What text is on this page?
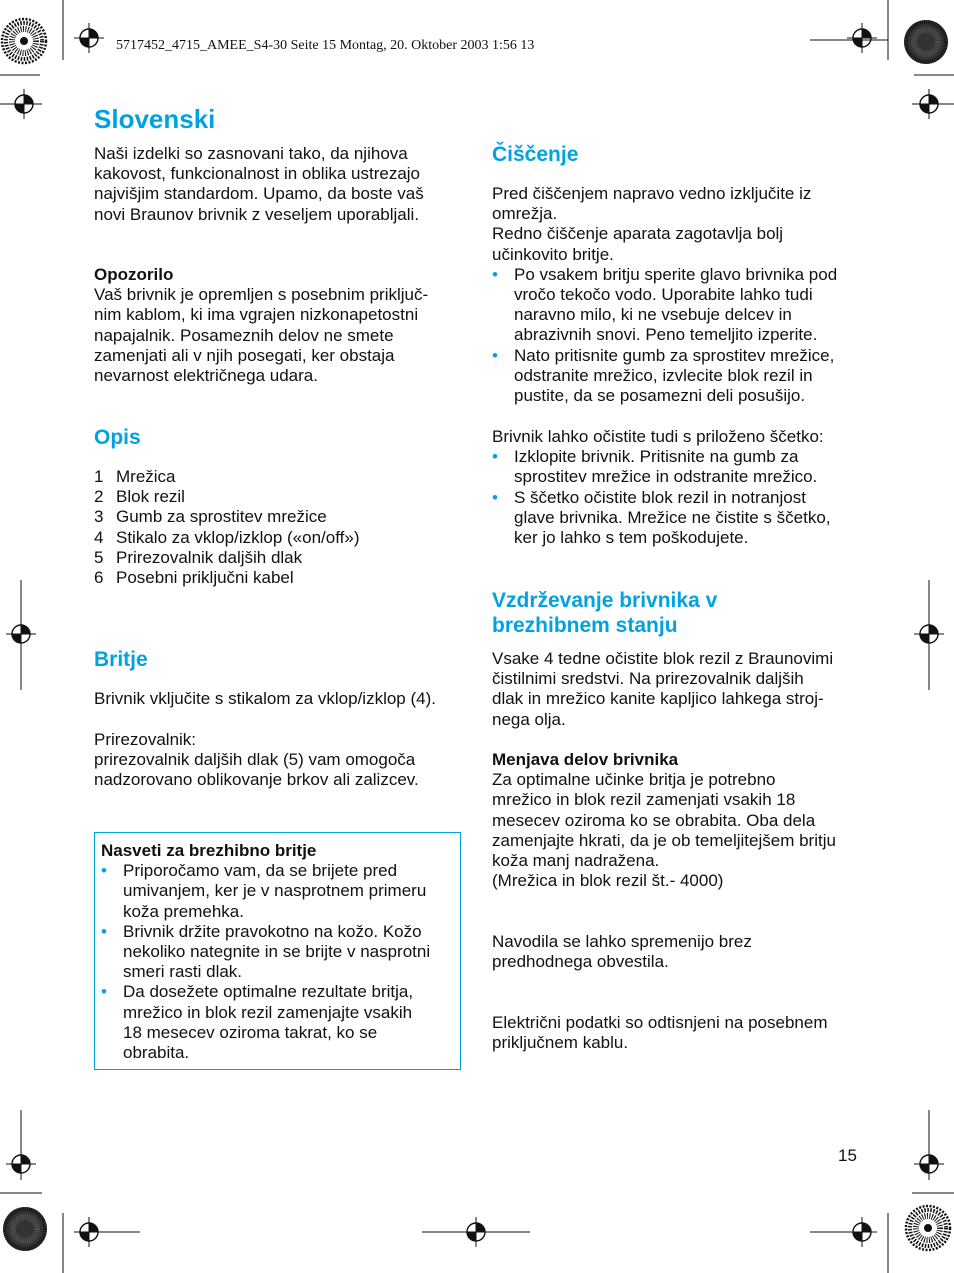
5717452_4715_AMEE_S4-30 Seite 15 Montag, 20. Oktober 2003 1:56 13
Slovenski

Naši izdelki so zasnovani tako, da njihova

kakovost, funkcionalnost in oblika ustrezajo

najvišjim standardom. Upamo, da boste vaš

novi Braunov brivnik z veseljem uporabljali.

Opozorilo

Vaš brivnik je opremljen s posebnim priključ-

nim kablom, ki ima vgrajen nizkonapetostni

napajalnik. Posameznih delov ne smete

zamenjati ali v njih posegati, ker obstaja

nevarnost električnega udara.

Opis
1 Mrežica
2 Blok rezil
3 Gumb za sprostitev mrežice
4 Stikalo za vklop/izklop («on/off»)
5 Prirezovalnik daljših dlak
6 Posebni priključni kabel
Britje

Brivnik vključite s stikalom za vklop/izklop (4).

Prirezovalnik:

prirezovalnik daljših dlak (5) vam omogoča

nadzorovano oblikovanje brkov ali zalizcev.

Nasveti za brezhibno britje

• Priporočamo vam, da se brijete pred
umivanjem, ker je v nasprotnem primeru
koža premehka.
• Brivnik držite pravokotno na kožo. Kožo
nekoliko nategnite in se brijte v nasprotni
smeri rasti dlak.
• Da dosežete optimalne rezultate britja,
mrežico in blok rezil zamenjajte vsakih
18 mesecev oziroma takrat, ko se
obrabita.
Čiščenje

Pred čiščenjem napravo vedno izključite iz

omrežja.

Redno čiščenje aparata zagotavlja bolj

učinkovito britje.

• Po vsakem britju sperite glavo brivnika pod
vročo tekočo vodo. Uporabite lahko tudi
naravno milo, ki ne vsebuje delcev in
abrazivnih snovi. Peno temeljito izperite.
• Nato pritisnite gumb za sprostitev mrežice,
odstranite mrežico, izvlecite blok rezil in
pustite, da se posamezni deli posušijo.

Brivnik lahko očistite tudi s priloženo ščetko:

• Izklopite brivnik. Pritisnite na gumb za
sprostitev mrežice in odstranite mrežico.
• S ščetko očistite blok rezil in notranjost
glave brivnika. Mrežice ne čistite s ščetko,
ker jo lahko s tem poškodujete.

Vzdrževanje brivnika v

brezhibnem stanju

Vsake 4 tedne očistite blok rezil z Braunovimi

čistilnimi sredstvi. Na prirezovalnik daljših

dlak in mrežico kanite kapljico lahkega stroj-

nega olja.

Menjava delov brivnika

Za optimalne učinke britja je potrebno

mrežico in blok rezil zamenjati vsakih 18

mesecev oziroma ko se obrabita. Oba dela

zamenjajte hkrati, da je ob temeljitejšem britju

koža manj nadražena.

(Mrežica in blok rezil št.- 4000)

Navodila se lahko spremenijo brez

predhodnega obvestila.

Električni podatki so odtisnjeni na posebnem

priključnem kablu.

15
